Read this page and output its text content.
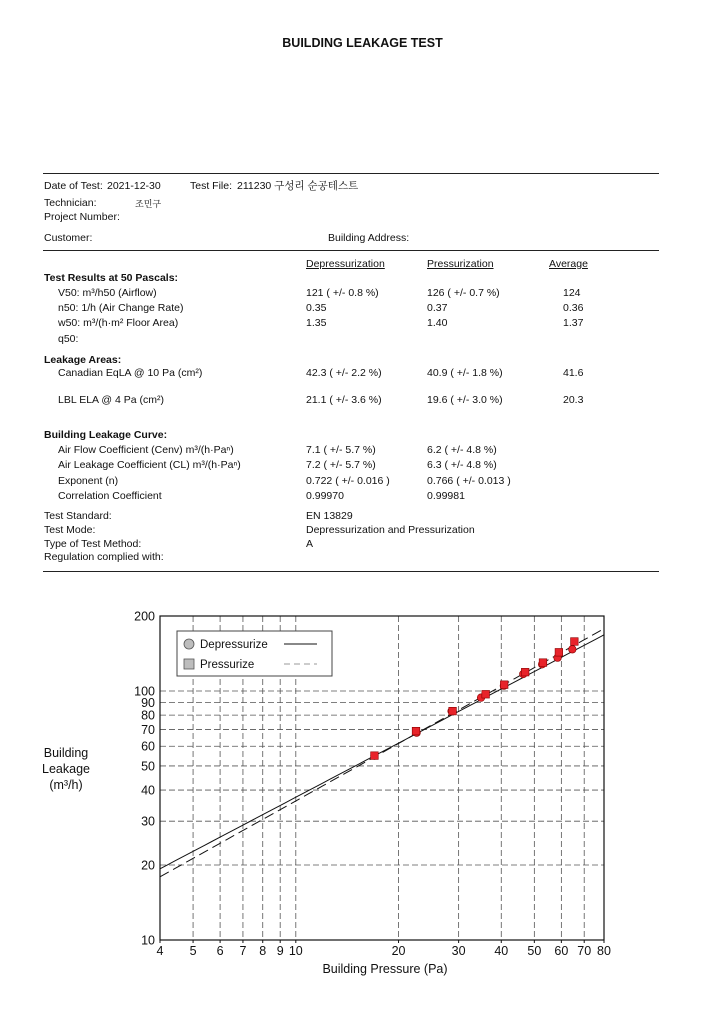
BUILDING LEAKAGE TEST
Date of Test: 2021-12-30	Test File: 211230 구성리 순공테스트
Technician:	조민구
Project Number:
Customer:	Building Address:
Depressurization	Pressurization	Average
Test Results at 50 Pascals:
V50: m³/h50 (Airflow)	121 ( +/- 0.8 %)	126 ( +/- 0.7 %)	124
n50: 1/h (Air Change Rate)	0.35	0.37	0.36
w50: m³/(h·m² Floor Area)	1.35	1.40	1.37
q50:
Leakage Areas:
Canadian EqLA @ 10 Pa (cm²)	42.3 ( +/- 2.2 %)	40.9 ( +/- 1.8 %)	41.6
LBL ELA @ 4 Pa (cm²)	21.1 ( +/- 3.6 %)	19.6 ( +/- 3.0 %)	20.3
Building Leakage Curve:
Air Flow Coefficient (Cenv) m³/(h·Paⁿ)	7.1 ( +/- 5.7 %)	6.2 ( +/- 4.8 %)
Air Leakage Coefficient (CL) m³/(h·Paⁿ)	7.2 ( +/- 5.7 %)	6.3 ( +/- 4.8 %)
Exponent (n)	0.722 ( +/- 0.016 )	0.766 ( +/- 0.013 )
Correlation Coefficient	0.99970	0.99981
Test Standard:	EN 13829
Test Mode:	Depressurization and Pressurization
Type of Test Method:	A
Regulation complied with:
4 5 6 7 8 9 10	20	30 40 50 60 70 80
10
20
30
40
50
60
70
80
90
100
200
Building Pressure (Pa)
Building
Leakage
(m³/h)
Depressurize
Pressurize
